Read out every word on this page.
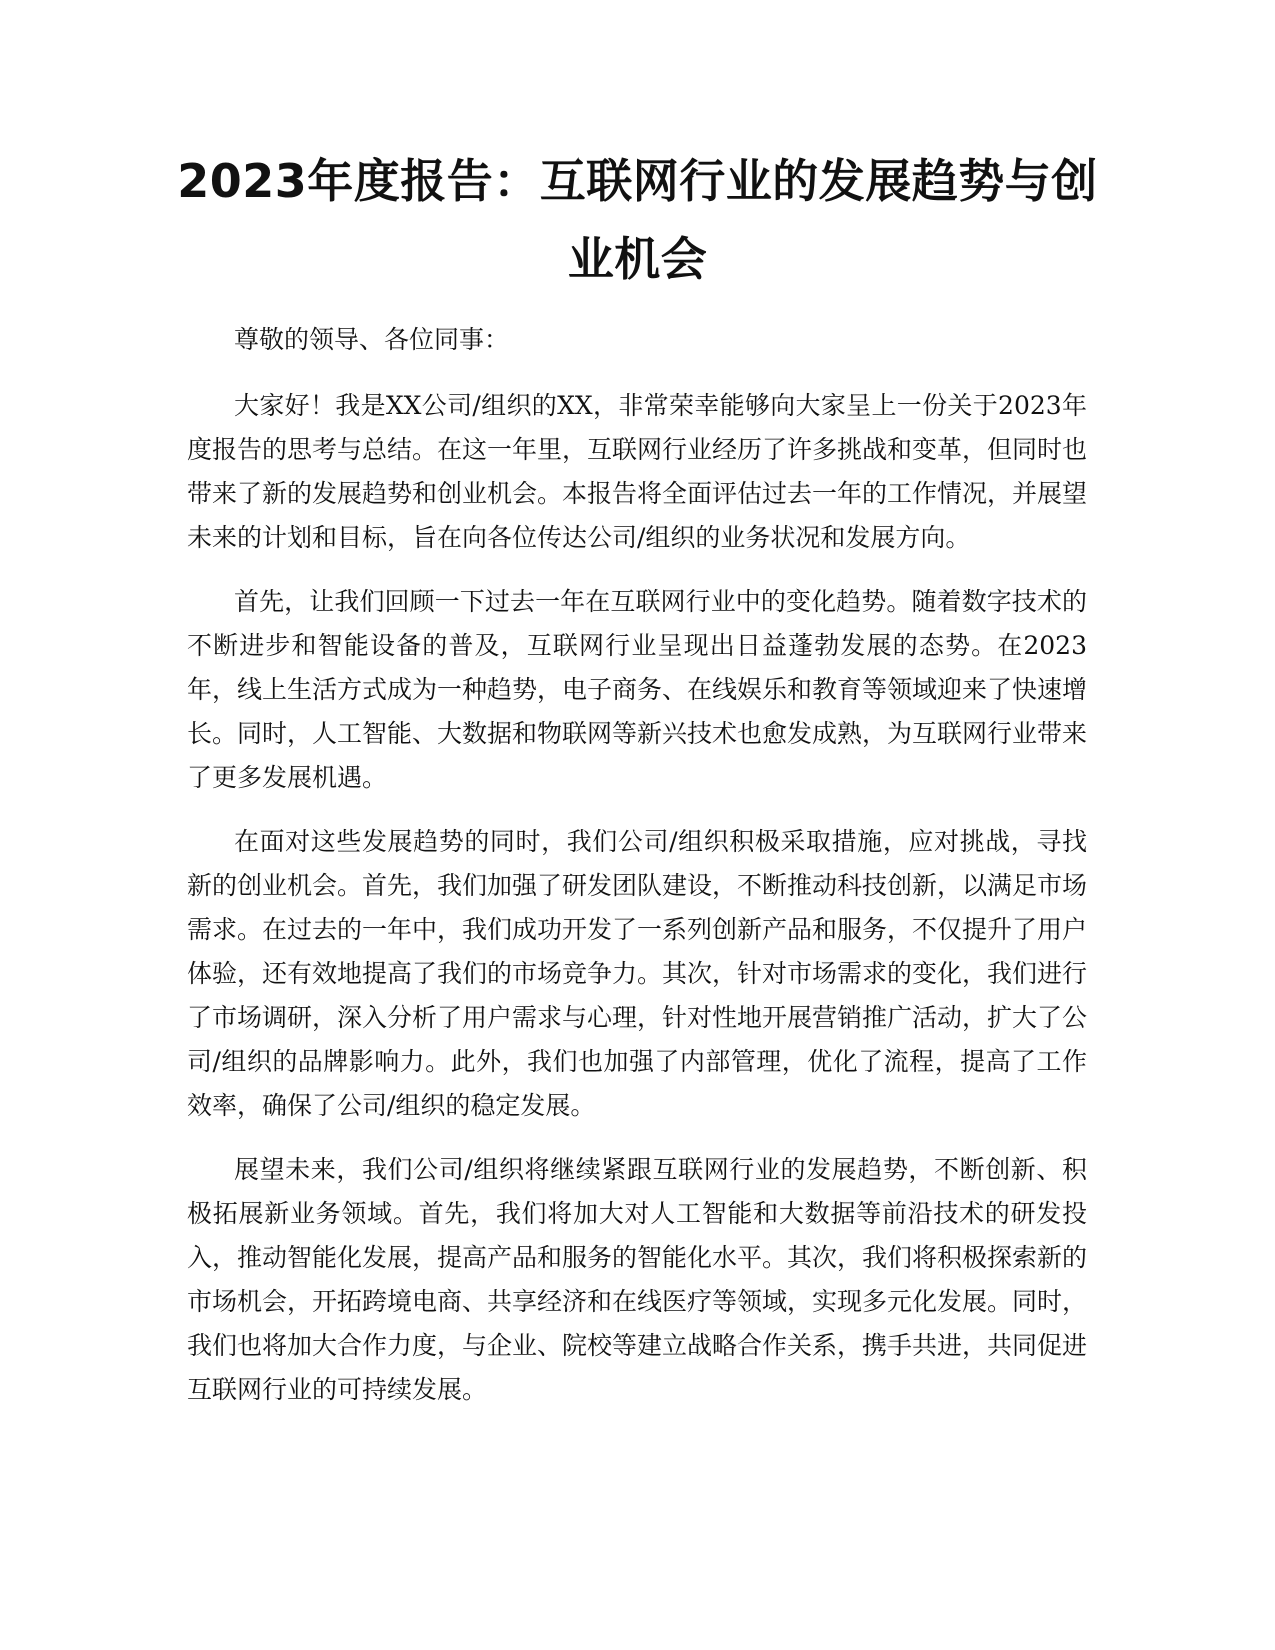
2023年度报告：互联网行业的发展趋势与创
业机会

尊敬的领导、各位同事：

大家好！我是XX公司/组织的XX，非常荣幸能够向大家呈上一份关于2023年度报告的思考与总结。在这一年里，互联网行业经历了许多挑战和变革，但同时也带来了新的发展趋势和创业机会。本报告将全面评估过去一年的工作情况，并展望未来的计划和目标，旨在向各位传达公司/组织的业务状况和发展方向。

首先，让我们回顾一下过去一年在互联网行业中的变化趋势。随着数字技术的不断进步和智能设备的普及，互联网行业呈现出日益蓬勃发展的态势。在2023年，线上生活方式成为一种趋势，电子商务、在线娱乐和教育等领域迎来了快速增长。同时，人工智能、大数据和物联网等新兴技术也愈发成熟，为互联网行业带来了更多发展机遇。

在面对这些发展趋势的同时，我们公司/组织积极采取措施，应对挑战，寻找新的创业机会。首先，我们加强了研发团队建设，不断推动科技创新，以满足市场需求。在过去的一年中，我们成功开发了一系列创新产品和服务，不仅提升了用户体验，还有效地提高了我们的市场竞争力。其次，针对市场需求的变化，我们进行了市场调研，深入分析了用户需求与心理，针对性地开展营销推广活动，扩大了公司/组织的品牌影响力。此外，我们也加强了内部管理，优化了流程，提高了工作效率，确保了公司/组织的稳定发展。

展望未来，我们公司/组织将继续紧跟互联网行业的发展趋势，不断创新、积极拓展新业务领域。首先，我们将加大对人工智能和大数据等前沿技术的研发投入，推动智能化发展，提高产品和服务的智能化水平。其次，我们将积极探索新的市场机会，开拓跨境电商、共享经济和在线医疗等领域，实现多元化发展。同时，我们也将加大合作力度，与企业、院校等建立战略合作关系，携手共进，共同促进互联网行业的可持续发展。
